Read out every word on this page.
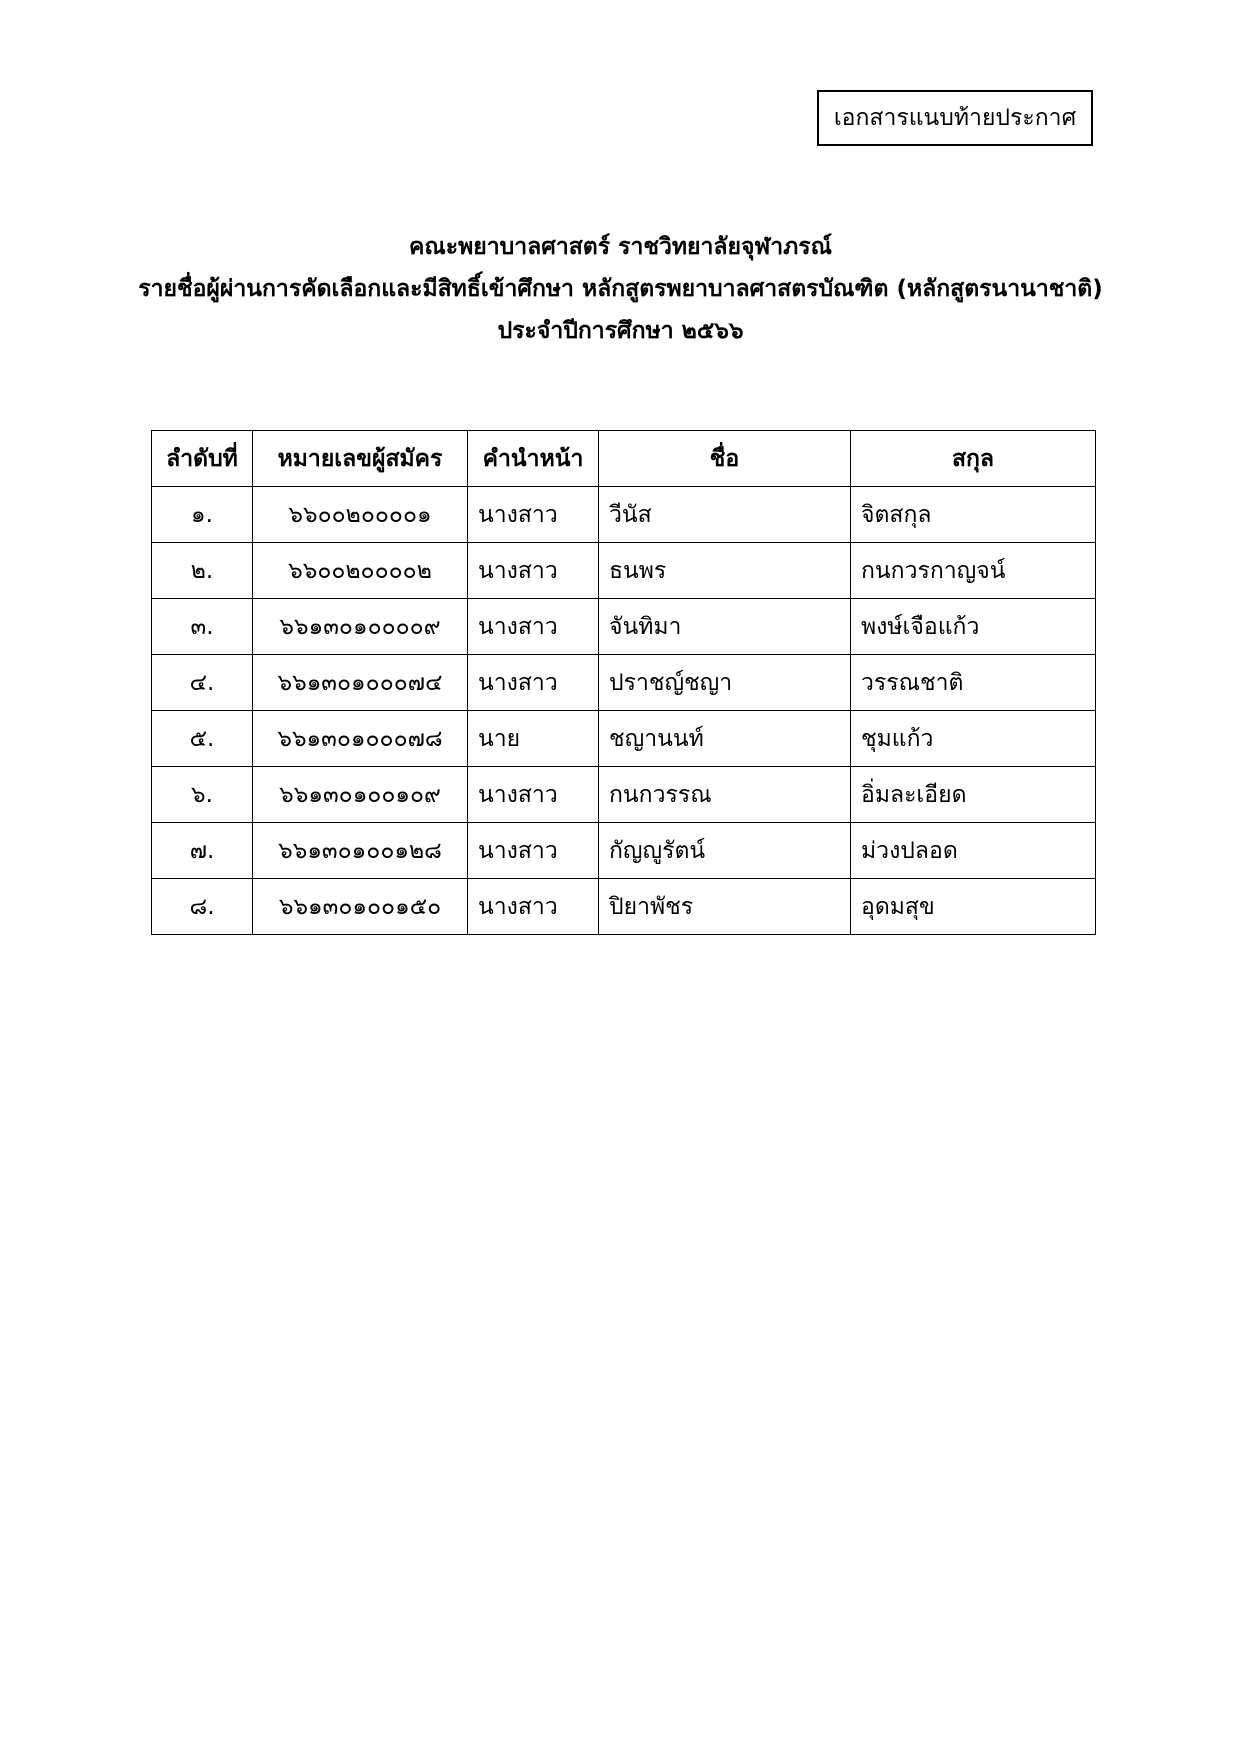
เอกสารแนบท้ายประกาศ
คณะพยาบาลศาสตร์ ราชวิทยาลัยจุฬาภรณ์
รายชื่อผู้ผ่านการคัดเลือกและมีสิทธิ์เข้าศึกษา หลักสูตรพยาบาลศาสตรบัณฑิต (หลักสูตรนานาชาติ)
ประจำปีการศึกษา ๒๕๖๖
ลำดับที่	หมายเลขผู้สมัคร	คำนำหน้า	ชื่อ	สกุล
๑.	๖๖๐๐๒๐๐๐๐๑	นางสาว	วีนัส	จิตสกุล
๒.	๖๖๐๐๒๐๐๐๐๒	นางสาว	ธนพร	กนกวรกาญจน์
๓.	๖๖๑๓๐๑๐๐๐๐๙	นางสาว	จันทิมา	พงษ์เจือแก้ว
๔.	๖๖๑๓๐๑๐๐๐๗๔	นางสาว	ปราชญ์ชญา	วรรณชาติ
๕.	๖๖๑๓๐๑๐๐๐๗๘	นาย	ชญานนท์	ชุมแก้ว
๖.	๖๖๑๓๐๑๐๐๑๐๙	นางสาว	กนกวรรณ	อิ่มละเอียด
๗.	๖๖๑๓๐๑๐๐๑๒๘	นางสาว	กัญญูรัตน์	ม่วงปลอด
๘.	๖๖๑๓๐๑๐๐๑๕๐	นางสาว	ปิยาพัชร	อุดมสุข
